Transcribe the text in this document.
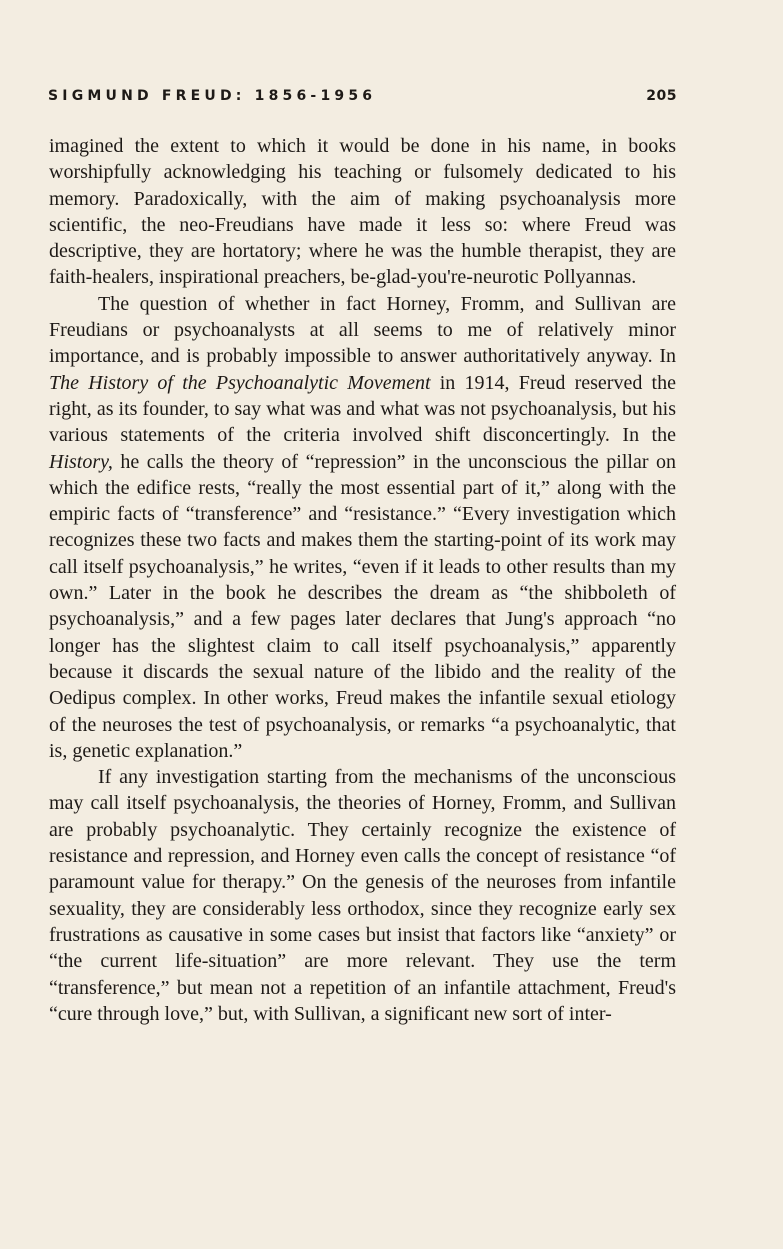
SIGMUND FREUD: 1856-1956	205

imagined the extent to which it would be done in his name, in books worshipfully acknowledging his teaching or fulsomely dedicated to his memory. Paradoxically, with the aim of making psychoanalysis more scientific, the neo-Freudians have made it less so: where Freud was descriptive, they are hortatory; where he was the humble therapist, they are faith-healers, inspirational preachers, be-glad-you're-neurotic Pollyannas.

The question of whether in fact Horney, Fromm, and Sullivan are Freudians or psychoanalysts at all seems to me of relatively minor importance, and is probably impossible to answer authoritatively anyway. In The History of the Psychoanalytic Movement in 1914, Freud reserved the right, as its founder, to say what was and what was not psychoanalysis, but his various statements of the criteria involved shift disconcertingly. In the History, he calls the theory of “repression” in the unconscious the pillar on which the edifice rests, “really the most essential part of it,” along with the empiric facts of “transference” and “resistance.” “Every investigation which recognizes these two facts and makes them the starting-point of its work may call itself psychoanalysis,” he writes, “even if it leads to other results than my own.” Later in the book he describes the dream as “the shibboleth of psychoanalysis,” and a few pages later declares that Jung's approach “no longer has the slightest claim to call itself psychoanalysis,” apparently because it discards the sexual nature of the libido and the reality of the Oedipus complex. In other works, Freud makes the infantile sexual etiology of the neuroses the test of psychoanalysis, or remarks “a psychoanalytic, that is, genetic explanation.”

If any investigation starting from the mechanisms of the unconscious may call itself psychoanalysis, the theories of Horney, Fromm, and Sullivan are probably psychoanalytic. They certainly recognize the existence of resistance and repression, and Horney even calls the concept of resistance “of paramount value for therapy.” On the genesis of the neuroses from infantile sexuality, they are considerably less orthodox, since they recognize early sex frustrations as causative in some cases but insist that factors like “anxiety” or “the current life-situation” are more relevant. They use the term “transference,” but mean not a repetition of an infantile attachment, Freud's “cure through love,” but, with Sullivan, a significant new sort of inter-
